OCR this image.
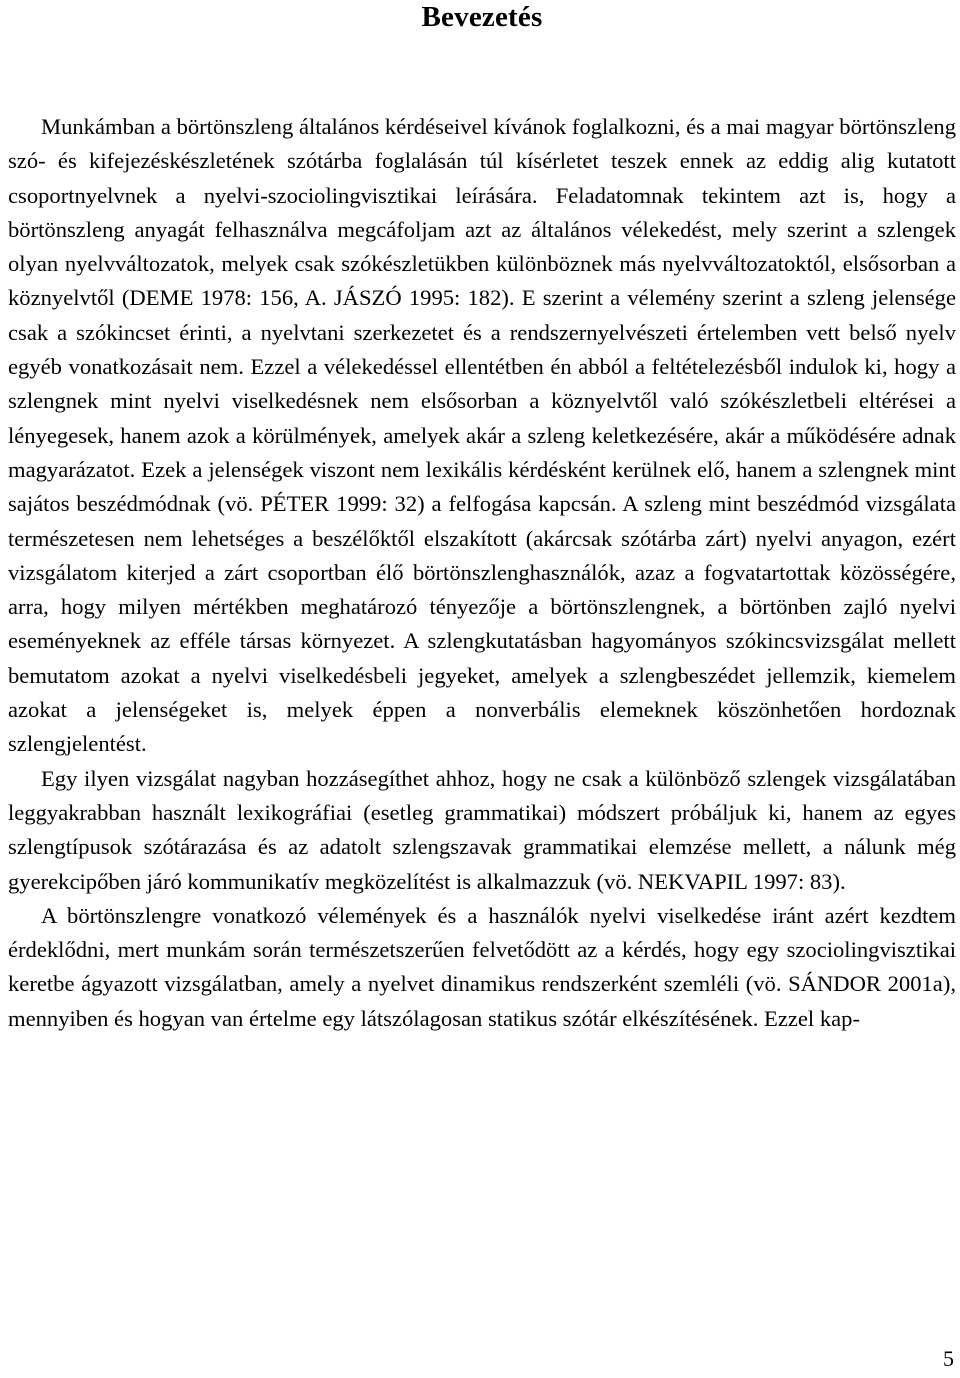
Bevezetés

Munkámban a börtönszleng általános kérdéseivel kívánok foglalkozni, és a mai magyar börtönszleng szó- és kifejezéskészletének szótárba foglalásán túl kísérletet teszek ennek az eddig alig kutatott csoportnyelvnek a nyelvi-szociolingvisztikai leírására. Feladatomnak tekintem azt is, hogy a börtönszleng anyagát felhasználva megcáfoljam azt az általános vélekedést, mely szerint a szlengek olyan nyelvváltozatok, melyek csak szókészletükben különböznek más nyelvváltozatoktól, elsősorban a köznyelvtől (DEME 1978: 156, A. JÁSZÓ 1995: 182). E szerint a vélemény szerint a szleng jelensége csak a szókincset érinti, a nyelvtani szerkezetet és a rendszernyelvészeti értelemben vett belső nyelv egyéb vonatkozásait nem. Ezzel a vélekedéssel ellentétben én abból a feltételezésből indulok ki, hogy a szlengnek mint nyelvi viselkedésnek nem elsősorban a köznyelvtől való szókészletbeli eltérései a lényegesek, hanem azok a körülmények, amelyek akár a szleng keletkezésére, akár a működésére adnak magyarázatot. Ezek a jelenségek viszont nem lexikális kérdésként kerülnek elő, hanem a szlengnek mint sajátos beszédmódnak (vö. PÉTER 1999: 32) a felfogása kapcsán. A szleng mint beszédmód vizsgálata természetesen nem lehetséges a beszélőktől elszakított (akárcsak szótárba zárt) nyelvi anyagon, ezért vizsgálatom kiterjed a zárt csoportban élő börtönszlenghasználók, azaz a fogvatartottak közösségére, arra, hogy milyen mértékben meghatározó tényezője a börtönszlengnek, a börtönben zajló nyelvi eseményeknek az efféle társas környezet. A szlengkutatásban hagyományos szókincsvizsgálat mellett bemutatom azokat a nyelvi viselkedésbeli jegyeket, amelyek a szlengbeszédet jellemzik, kiemelem azokat a jelenségeket is, melyek éppen a nonverbális elemeknek köszönhetően hordoznak szlengjelentést.

Egy ilyen vizsgálat nagyban hozzásegíthet ahhoz, hogy ne csak a különböző szlengek vizsgálatában leggyakrabban használt lexikográfiai (esetleg grammatikai) módszert próbáljuk ki, hanem az egyes szlengtípusok szótárazása és az adatolt szlengszavak grammatikai elemzése mellett, a nálunk még gyerekcipőben járó kommunikatív megközelítést is alkalmazzuk (vö. NEKVAPIL 1997: 83).

A börtönszlengre vonatkozó vélemények és a használók nyelvi viselkedése iránt azért kezdtem érdeklődni, mert munkám során természetszerűen felvetődött az a kérdés, hogy egy szociolingvisztikai keretbe ágyazott vizsgálatban, amely a nyelvet dinamikus rendszerként szemléli (vö. SÁNDOR 2001a), mennyiben és hogyan van értelme egy látszólagosan statikus szótár elkészítésének. Ezzel kap-

5
